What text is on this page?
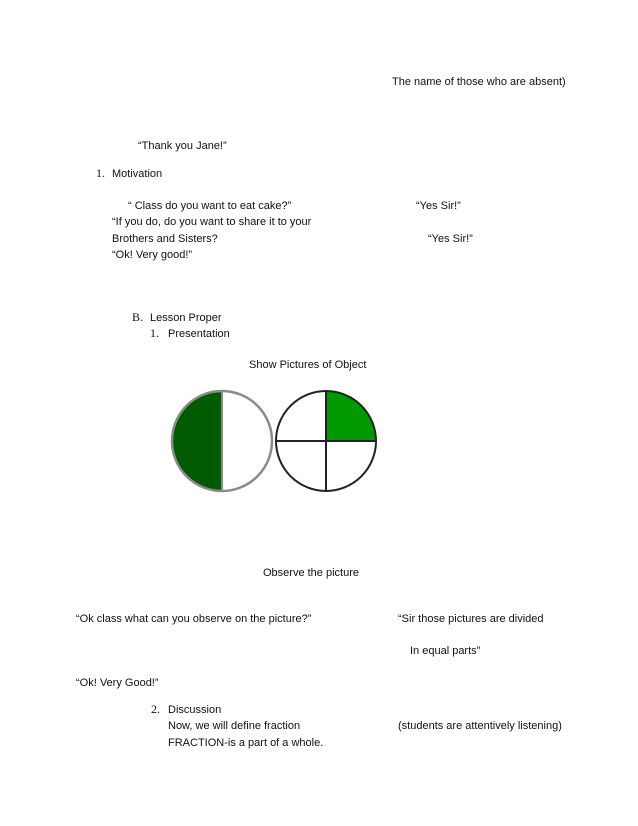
The name of those who are absent)
“Thank you Jane!”
1. Motivation
“ Class do you want to eat cake?”	“Yes Sir!”
“If you do, do you want to share it to your
Brothers and Sisters?	“Yes Sir!”
“Ok! Very good!”
B. Lesson Proper
1. Presentation
Show Pictures of Object
Observe the picture
“Ok class what can you observe on the picture?”	“Sir those pictures are divided
In equal parts”
“Ok! Very Good!”
2. Discussion
Now, we will define fraction	(students are attentively listening)
FRACTION-is a part of a whole.
